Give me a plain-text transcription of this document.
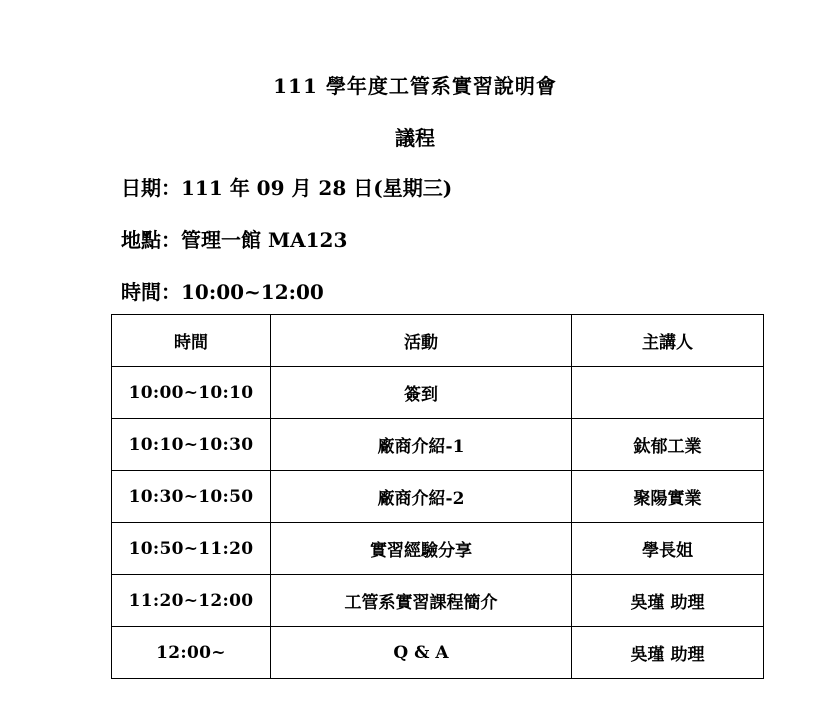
111 學年度工管系實習說明會
議程
日期：111 年 09 月 28 日(星期三)
地點：管理一館 MA123
時間：10:00~12:00
時間	活動	主講人
10:00~10:10	簽到	
10:10~10:30	廠商介紹-1	鈦郁工業
10:30~10:50	廠商介紹-2	聚陽實業
10:50~11:20	實習經驗分享	學長姐
11:20~12:00	工管系實習課程簡介	吳瑾 助理
12:00~	Q & A	吳瑾 助理
